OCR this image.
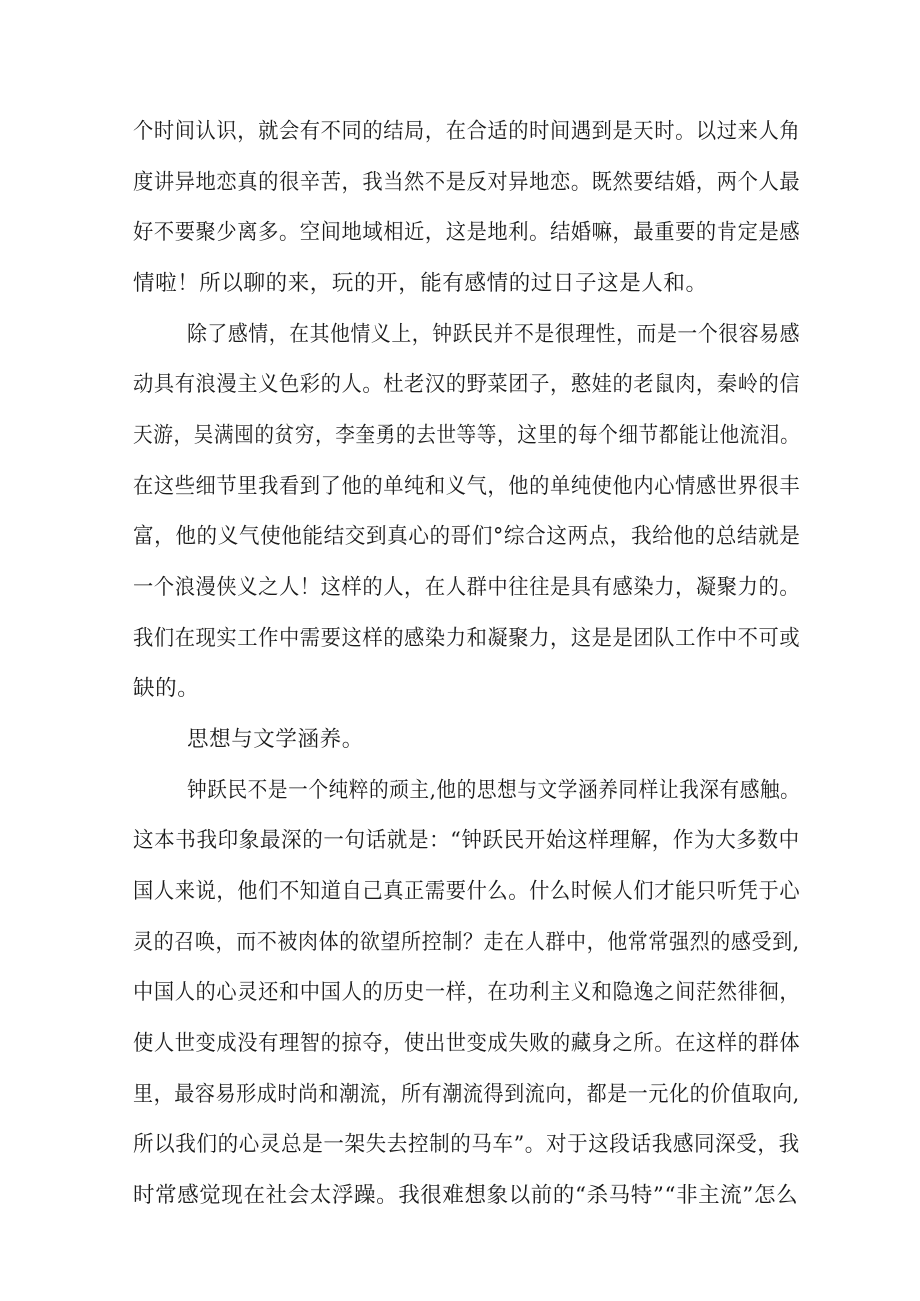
个时间认识，就会有不同的结局，在合适的时间遇到是天时。以过来人角
度讲异地恋真的很辛苦，我当然不是反对异地恋。既然要结婚，两个人最
好不要聚少离多。空间地域相近，这是地利。结婚嘛，最重要的肯定是感
情啦！所以聊的来，玩的开，能有感情的过日子这是人和。
除了感情，在其他情义上，钟跃民并不是很理性，而是一个很容易感
动具有浪漫主义色彩的人。杜老汉的野菜团子，憨娃的老鼠肉，秦岭的信
天游，吴满囤的贫穷，李奎勇的去世等等，这里的每个细节都能让他流泪。
在这些细节里我看到了他的单纯和义气，他的单纯使他内心情感世界很丰
富，他的义气使他能结交到真心的哥们°综合这两点，我给他的总结就是
一个浪漫侠义之人！这样的人，在人群中往往是具有感染力，凝聚力的。
我们在现实工作中需要这样的感染力和凝聚力，这是是团队工作中不可或
缺的。
思想与文学涵养。
钟跃民不是一个纯粹的顽主,他的思想与文学涵养同样让我深有感触。
这本书我印象最深的一句话就是：“钟跃民开始这样理解，作为大多数中
国人来说，他们不知道自己真正需要什么。什么时候人们才能只听凭于心
灵的召唤，而不被肉体的欲望所控制？走在人群中，他常常强烈的感受到,
中国人的心灵还和中国人的历史一样，在功利主义和隐逸之间茫然徘徊，
使人世变成没有理智的掠夺，使出世变成失败的藏身之所。在这样的群体
里，最容易形成时尚和潮流，所有潮流得到流向，都是一元化的价值取向,
所以我们的心灵总是一架失去控制的马车”。对于这段话我感同深受，我
时常感觉现在社会太浮躁。我很难想象以前的“杀马特”“非主流”怎么
